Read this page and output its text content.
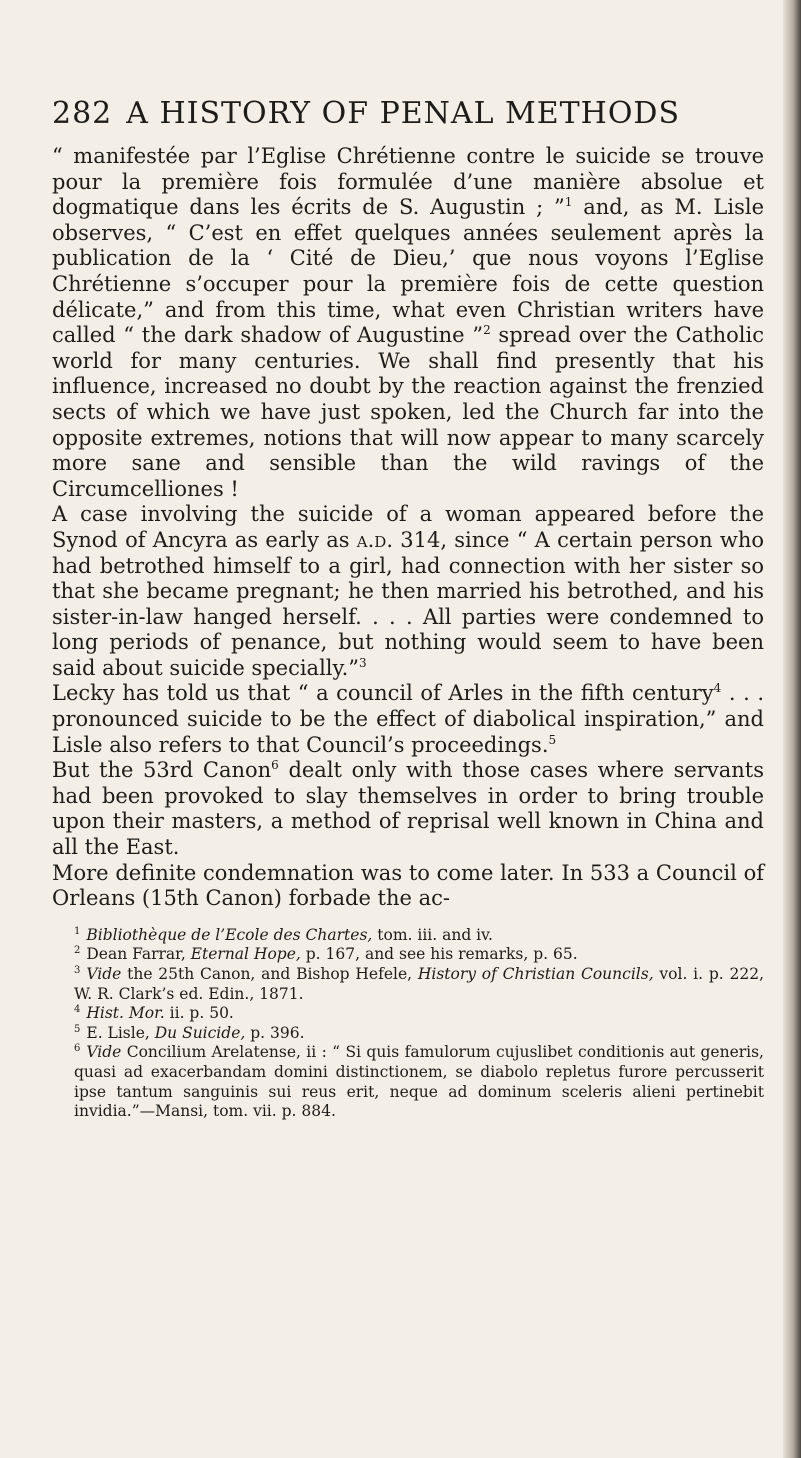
282 A HISTORY OF PENAL METHODS

“ manifestée par l’Eglise Chrétienne contre le suicide se trouve pour la première fois formulée d’une manière absolue et dogmatique dans les écrits de S. Augustin ; ”$^1$ and, as M. Lisle observes, “ C’est en effet quelques années seulement après la publication de la ‘ Cité de Dieu,’ que nous voyons l’Eglise Chrétienne s’occuper pour la première fois de cette question délicate,” and from this time, what even Christian writers have called “ the dark shadow of Augustine ”$^2$ spread over the Catholic world for many centuries. We shall find presently that his influence, increased no doubt by the reaction against the frenzied sects of which we have just spoken, led the Church far into the opposite extremes, notions that will now appear to many scarcely more sane and sensible than the wild ravings of the Circumcelliones !

A case involving the suicide of a woman appeared before the Synod of Ancyra as early as a.d. 314, since “ A certain person who had betrothed himself to a girl, had connection with her sister so that she became pregnant; he then married his betrothed, and his sister-in-law hanged herself. . . . All parties were condemned to long periods of penance, but nothing would seem to have been said about suicide specially.”$^3$

Lecky has told us that “ a council of Arles in the fifth century$^4$ . . . pronounced suicide to be the effect of diabolical inspiration,” and Lisle also refers to that Council’s proceedings.$^5$

But the 53rd Canon$^6$ dealt only with those cases where servants had been provoked to slay themselves in order to bring trouble upon their masters, a method of reprisal well known in China and all the East.

More definite condemnation was to come later. In 533 a Council of Orleans (15th Canon) forbade the ac-

$^1$ Bibliothèque de l’Ecole des Chartes, tom. iii. and iv.

$^2$ Dean Farrar, Eternal Hope, p. 167, and see his remarks, p. 65.

$^3$ Vide the 25th Canon, and Bishop Hefele, History of Christian Councils, vol. i. p. 222, W. R. Clark’s ed. Edin., 1871.

$^4$ Hist. Mor. ii. p. 50.

$^5$ E. Lisle, Du Suicide, p. 396.

$^6$ Vide Concilium Arelatense, ii : “ Si quis famulorum cujuslibet conditionis aut generis, quasi ad exacerbandam domini distinctionem, se diabolo repletus furore percusserit ipse tantum sanguinis sui reus erit, neque ad dominum sceleris alieni pertinebit invidia.”—Mansi, tom. vii. p. 884.
